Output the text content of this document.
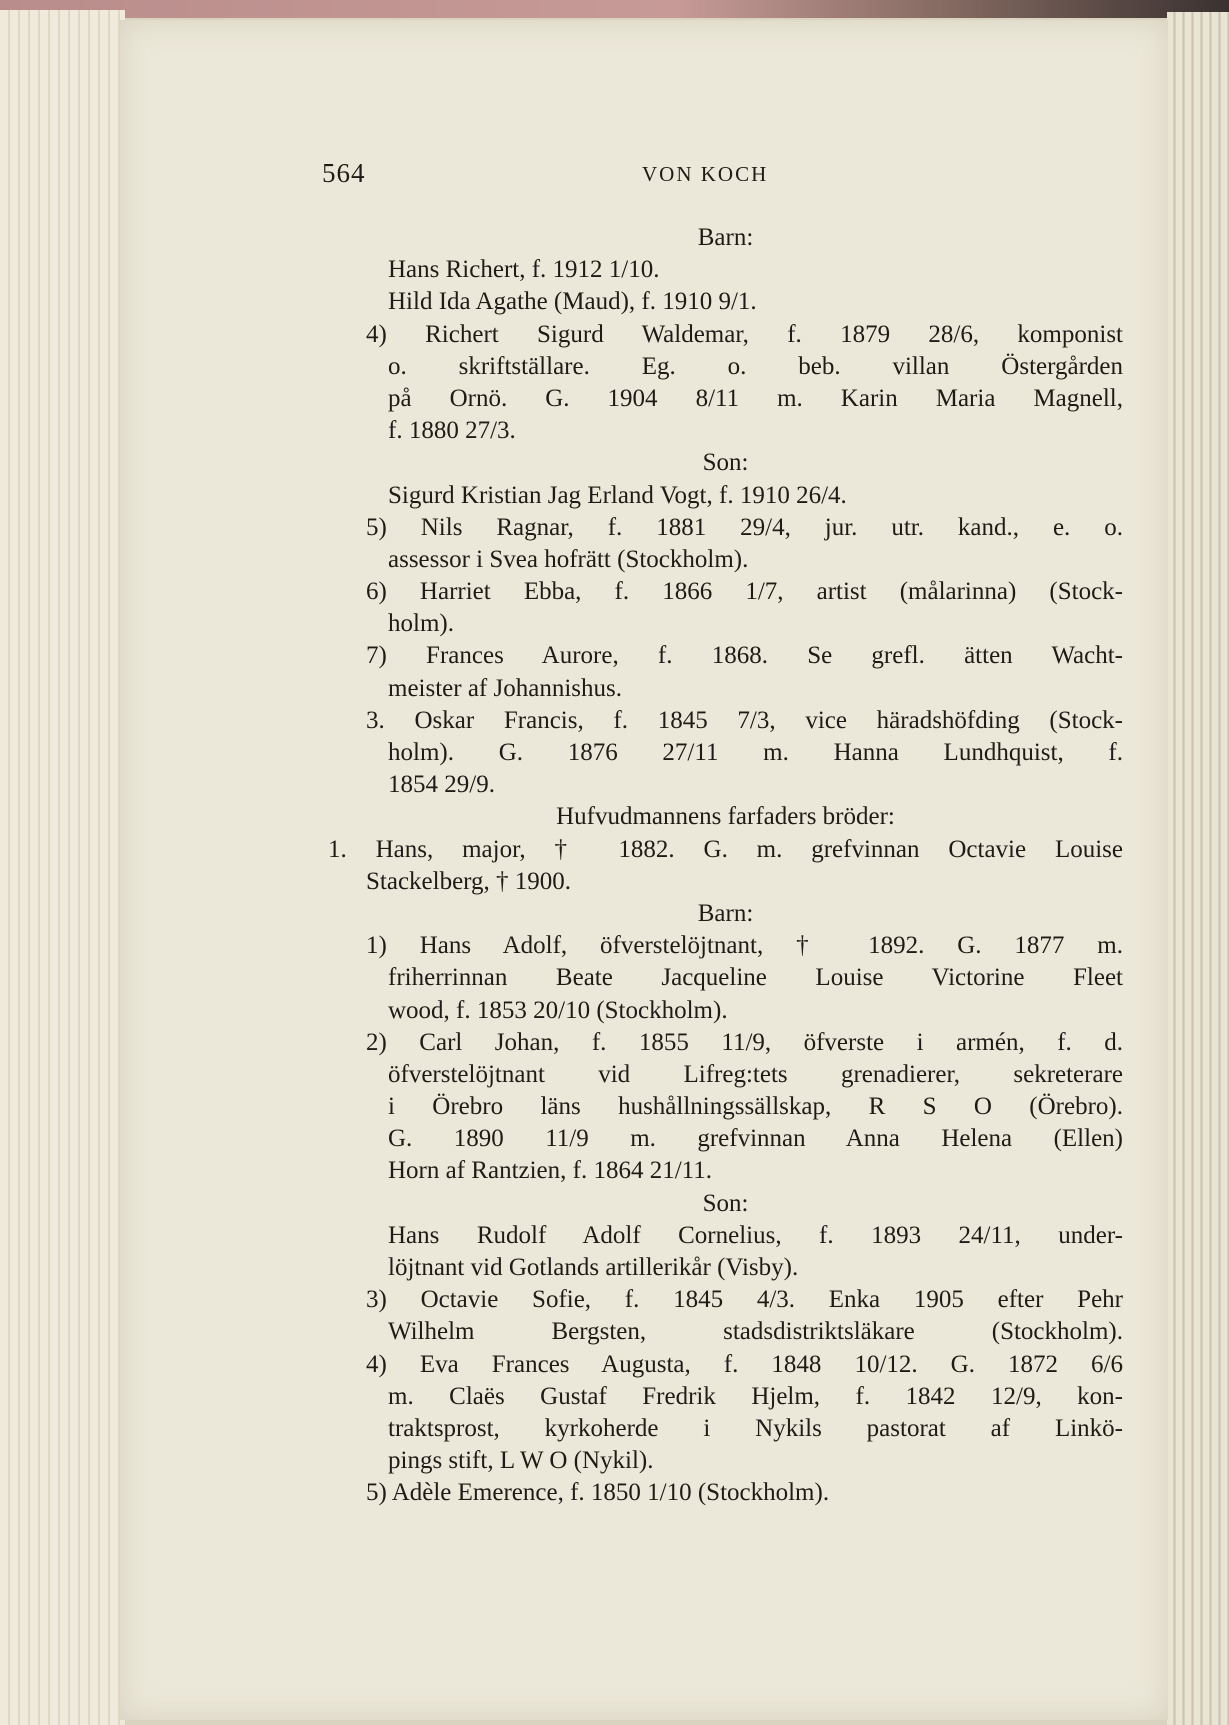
564	VON KOCH
Barn:
Hans Richert, f. 1912 1/10.
Hild Ida Agathe (Maud), f. 1910 9/1.
4) Richert Sigurd Waldemar, f. 1879 28/6, komponist
o. skriftställare. Eg. o. beb. villan Östergården
på Ornö. G. 1904 8/11 m. Karin Maria Magnell,
f. 1880 27/3.
Son:
Sigurd Kristian Jag Erland Vogt, f. 1910 26/4.
5) Nils Ragnar, f. 1881 29/4, jur. utr. kand., e. o.
assessor i Svea hofrätt (Stockholm).
6) Harriet Ebba, f. 1866 1/7, artist (målarinna) (Stock-
holm).
7) Frances Aurore, f. 1868. Se grefl. ätten Wacht-
meister af Johannishus.
3. Oskar Francis, f. 1845 7/3, vice häradshöfding (Stock-
holm). G. 1876 27/11 m. Hanna Lundhquist, f.
1854 29/9.
Hufvudmannens farfaders bröder:
1. Hans, major, † 1882. G. m. grefvinnan Octavie Louise
Stackelberg, † 1900.
Barn:
1) Hans Adolf, öfverstelöjtnant, † 1892. G. 1877 m.
friherrinnan Beate Jacqueline Louise Victorine Fleet
wood, f. 1853 20/10 (Stockholm).
2) Carl Johan, f. 1855 11/9, öfverste i armén, f. d.
öfverstelöjtnant vid Lifreg:tets grenadierer, sekreterare
i Örebro läns hushållningssällskap, R S O (Örebro).
G. 1890 11/9 m. grefvinnan Anna Helena (Ellen)
Horn af Rantzien, f. 1864 21/11.
Son:
Hans Rudolf Adolf Cornelius, f. 1893 24/11, under-
löjtnant vid Gotlands artillerikår (Visby).
3) Octavie Sofie, f. 1845 4/3. Enka 1905 efter Pehr
Wilhelm Bergsten, stadsdistriktsläkare (Stockholm).
4) Eva Frances Augusta, f. 1848 10/12. G. 1872 6/6
m. Claës Gustaf Fredrik Hjelm, f. 1842 12/9, kon-
traktsprost, kyrkoherde i Nykils pastorat af Linkö-
pings stift, L W O (Nykil).
5) Adèle Emerence, f. 1850 1/10 (Stockholm).
